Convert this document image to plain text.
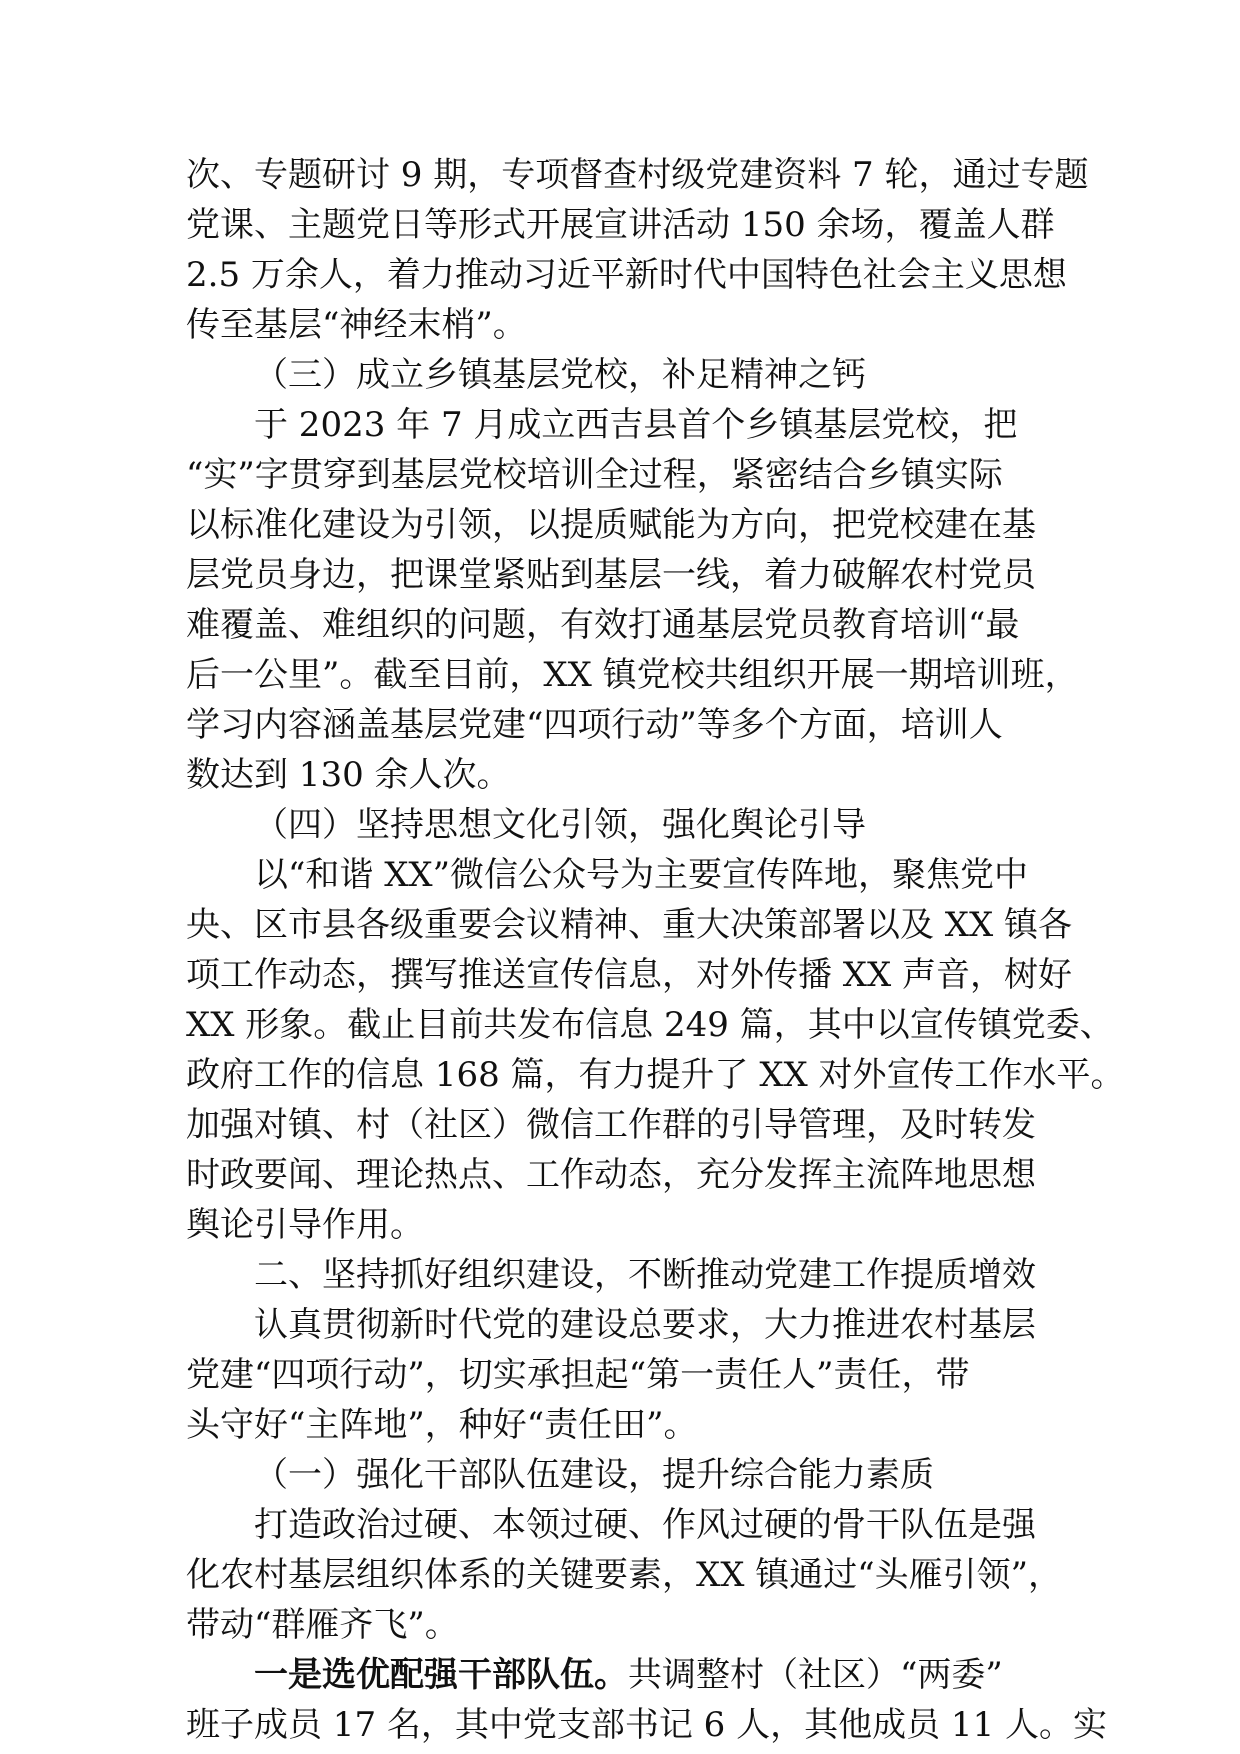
次、专题研讨 9 期，专项督查村级党建资料 7 轮，通过专题
党课、主题党日等形式开展宣讲活动 150 余场，覆盖人群
2.5 万余人，着力推动习近平新时代中国特色社会主义思想
传至基层“神经末梢”。
（三）成立乡镇基层党校，补足精神之钙
于 2023 年 7 月成立西吉县首个乡镇基层党校，把
“实”字贯穿到基层党校培训全过程，紧密结合乡镇实际
以标准化建设为引领，以提质赋能为方向，把党校建在基
层党员身边，把课堂紧贴到基层一线，着力破解农村党员
难覆盖、难组织的问题，有效打通基层党员教育培训“最
后一公里”。截至目前，XX 镇党校共组织开展一期培训班，
学习内容涵盖基层党建“四项行动”等多个方面，培训人
数达到 130 余人次。
（四）坚持思想文化引领，强化舆论引导
以“和谐 XX”微信公众号为主要宣传阵地，聚焦党中
央、区市县各级重要会议精神、重大决策部署以及 XX 镇各
项工作动态，撰写推送宣传信息，对外传播 XX 声音，树好
XX 形象。截止目前共发布信息 249 篇，其中以宣传镇党委、
政府工作的信息 168 篇，有力提升了 XX 对外宣传工作水平。
加强对镇、村（社区）微信工作群的引导管理，及时转发
时政要闻、理论热点、工作动态，充分发挥主流阵地思想
舆论引导作用。
二、坚持抓好组织建设，不断推动党建工作提质增效
认真贯彻新时代党的建设总要求，大力推进农村基层
党建“四项行动”，切实承担起“第一责任人”责任，带
头守好“主阵地”，种好“责任田”。
（一）强化干部队伍建设，提升综合能力素质
打造政治过硬、本领过硬、作风过硬的骨干队伍是强
化农村基层组织体系的关键要素，XX 镇通过“头雁引领”，
带动“群雁齐飞”。
一是选优配强干部队伍。共调整村（社区）“两委”
班子成员 17 名，其中党支部书记 6 人，其他成员 11 人。实
